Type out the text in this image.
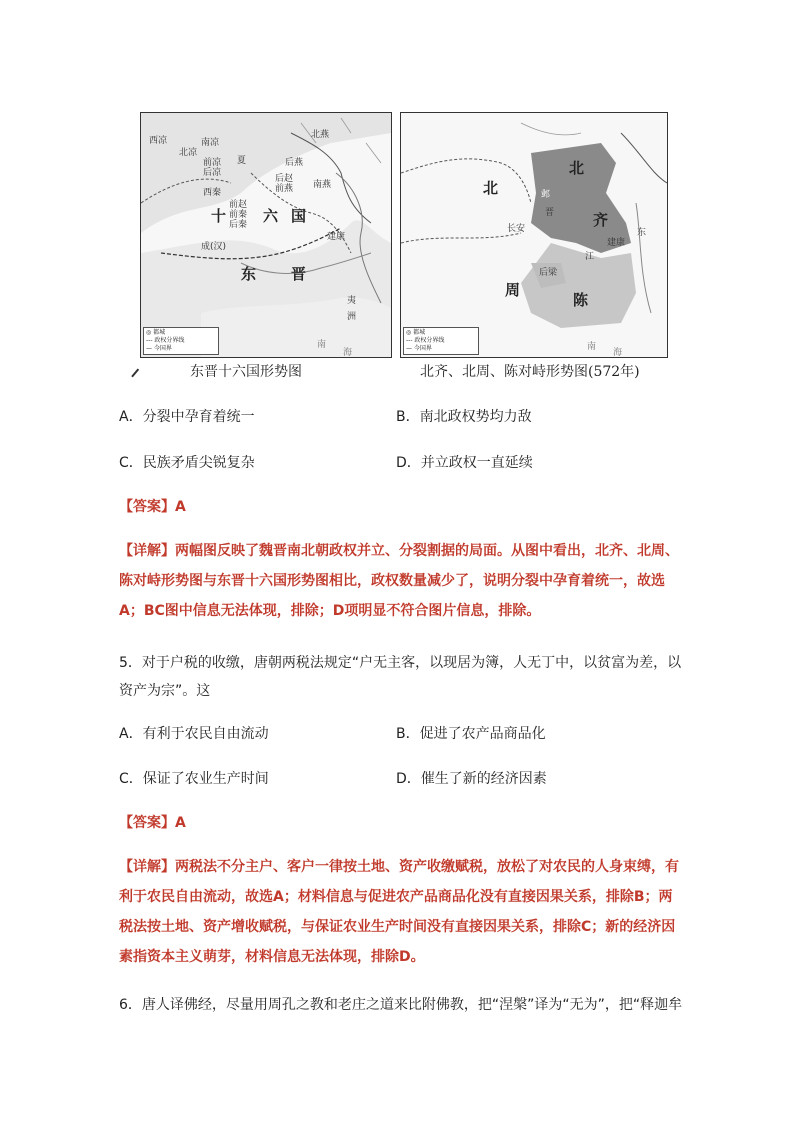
西凉
北凉
南凉
前凉
后凉
西秦
夏	后燕
北燕
后赵
前燕 南燕
前赵
前秦
后秦
十 六 国
成(汉)
东 晋
建康
夷
洲
南
海
◎ 都城
--- 政权分界线
— 今国界
北
齐
北
周
邺
长安	东
后梁
陈
建康
晋
江
南
海
◎ 都城
--- 政权分界线
— 今国界
东晋十六国形势图	北齐、北周、陈对峙形势图(572年)
A．分裂中孕育着统一	B．南北政权势均力敌
C．民族矛盾尖锐复杂	D．并立政权一直延续
【答案】A
【详解】两幅图反映了魏晋南北朝政权并立、分裂割据的局面。从图中看出，北齐、北周、陈对峙形势图与东晋十六国形势图相比，政权数量减少了，说明分裂中孕育着统一，故选A；BC图中信息无法体现，排除；D项明显不符合图片信息，排除。
5．对于户税的收缴，唐朝两税法规定“户无主客，以现居为簿，人无丁中，以贫富为差，以
资产为宗”。这
A．有利于农民自由流动	B．促进了农产品商品化
C．保证了农业生产时间	D．催生了新的经济因素
【答案】A
【详解】两税法不分主户、客户一律按土地、资产收缴赋税，放松了对农民的人身束缚，有利于农民自由流动，故选A；材料信息与促进农产品商品化没有直接因果关系，排除B；两税法按土地、资产增收赋税，与保证农业生产时间没有直接因果关系，排除C；新的经济因素指资本主义萌芽，材料信息无法体现，排除D。
6．唐人译佛经，尽量用周孔之教和老庄之道来比附佛教，把“涅槃”译为“无为”，把“释迦牟
